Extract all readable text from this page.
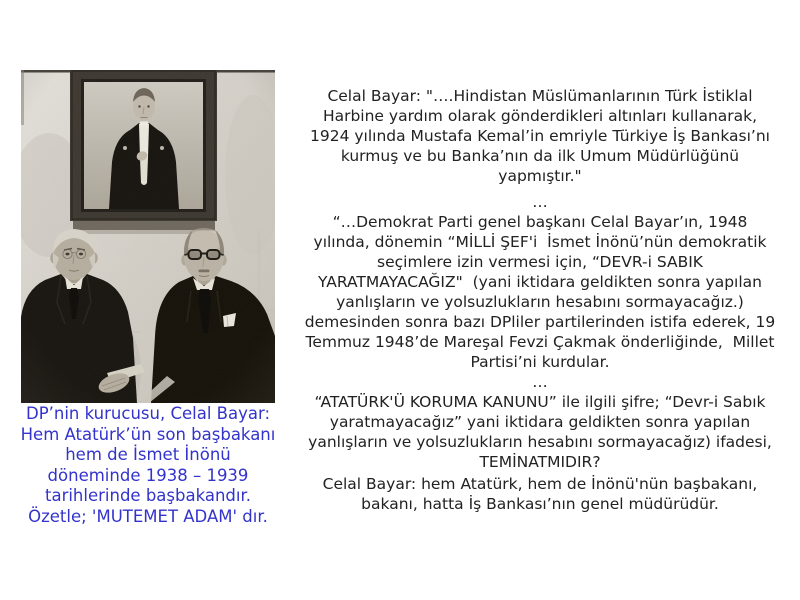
DP’nin kurucusu, Celal Bayar:
Hem Atatürk’ün son başbakanı
hem de İsmet İnönü
döneminde 1938 – 1939
tarihlerinde başbakandır.
Özetle; 'MUTEMET ADAM' dır.
Celal Bayar: "….Hindistan Müslümanlarının Türk İstiklal
Harbine yardım olarak gönderdikleri altınları kullanarak,
1924 yılında Mustafa Kemal’in emriyle Türkiye İş Bankası’nı
kurmuş ve bu Banka’nın da ilk Umum Müdürlüğünü
yapmıştır."
…
“…Demokrat Parti genel başkanı Celal Bayar’ın, 1948
yılında, dönemin “MİLLİ ŞEF'i  İsmet İnönü’nün demokratik
seçimlere izin vermesi için, “DEVR-i SABIK
YARATMAYACAĞIZ"  (yani iktidara geldikten sonra yapılan
yanlışların ve yolsuzlukların hesabını sormayacağız.)
demesinden sonra bazı DPliler partilerinden istifa ederek, 19
Temmuz 1948’de Mareşal Fevzi Çakmak önderliğinde,  Millet
Partisi’ni kurdular.
…
“ATATÜRK'Ü KORUMA KANUNU” ile ilgili şifre; “Devr-i Sabık
yaratmayacağız” yani iktidara geldikten sonra yapılan
yanlışların ve yolsuzlukların hesabını sormayacağız) ifadesi,
TEMİNATMIDIR?
Celal Bayar: hem Atatürk, hem de İnönü'nün başbakanı,
bakanı, hatta İş Bankası’nın genel müdürüdür.
